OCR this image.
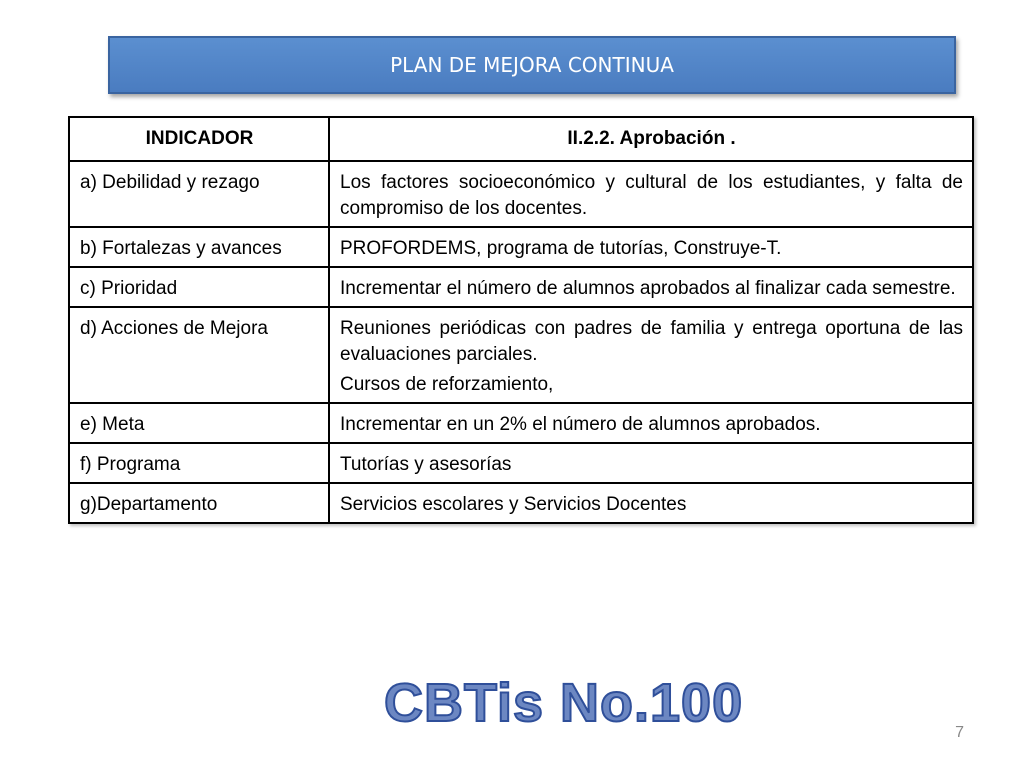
PLAN DE MEJORA CONTINUA
INDICADOR	II.2.2. Aprobación .
a) Debilidad y rezago	Los factores socioeconómico y cultural de los estudiantes, y falta de compromiso de los docentes.

b) Fortalezas y avances	PROFORDEMS, programa de tutorías, Construye-T.

c) Prioridad	Incrementar el número de alumnos aprobados al finalizar cada semestre.

d) Acciones de Mejora	Reuniones periódicas con padres de familia y entrega oportuna de las evaluaciones parciales.
Cursos de reforzamiento,

e) Meta	Incrementar en un 2% el número de alumnos aprobados.

f) Programa	Tutorías y asesorías

g)Departamento	Servicios escolares y Servicios Docentes
CBTis No.100	7
